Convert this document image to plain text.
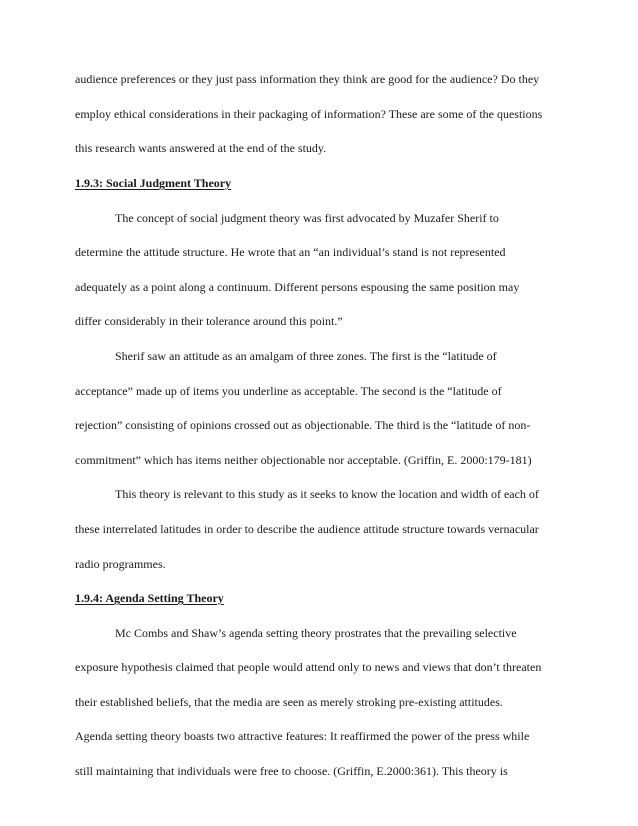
audience preferences or they just pass information they think are good for the audience? Do they
employ ethical considerations in their packaging of information? These are some of the questions
this research wants answered at the end of the study.
1.9.3: Social Judgment Theory
The concept of social judgment theory was first advocated by Muzafer Sherif to
determine the attitude structure. He wrote that an “an individual’s stand is not represented
adequately as a point along a continuum. Different persons espousing the same position may
differ considerably in their tolerance around this point.”
Sherif saw an attitude as an amalgam of three zones. The first is the “latitude of
acceptance” made up of items you underline as acceptable. The second is the “latitude of
rejection” consisting of opinions crossed out as objectionable. The third is the “latitude of non-
commitment” which has items neither objectionable nor acceptable. (Griffin, E. 2000:179-181)
This theory is relevant to this study as it seeks to know the location and width of each of
these interrelated latitudes in order to describe the audience attitude structure towards vernacular
radio programmes.
1.9.4: Agenda Setting Theory
Mc Combs and Shaw’s agenda setting theory prostrates that the prevailing selective
exposure hypothesis claimed that people would attend only to news and views that don’t threaten
their established beliefs, that the media are seen as merely stroking pre-existing attitudes.
Agenda setting theory boasts two attractive features: It reaffirmed the power of the press while
still maintaining that individuals were free to choose. (Griffin, E.2000:361). This theory is
